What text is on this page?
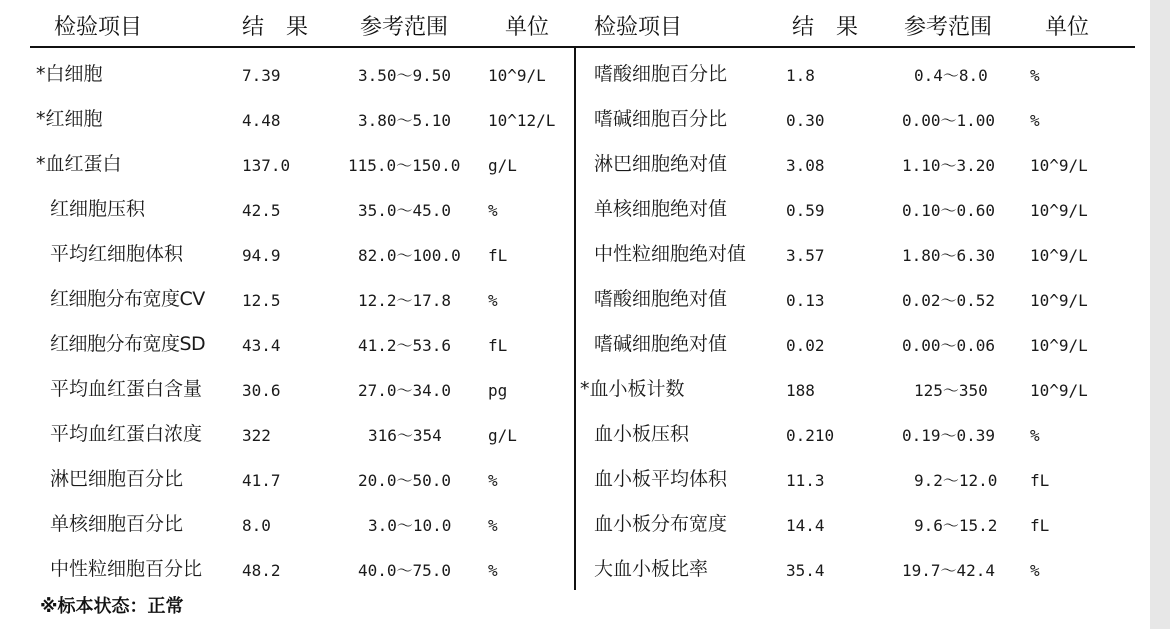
检验项目	结　果 参考范围	单位 检验项目	结　果 参考范围 单位
*白细胞	7.39	3.50～9.50 10^9/L
*红细胞	4.48	3.80～5.10 10^12/L
*血红蛋白	137.0	115.0～150.0 g/L
红细胞压积	42.5	35.0～45.0 %
平均红细胞体积	94.9	82.0～100.0 fL
红细胞分布宽度CV 12.5	12.2～17.8 %
红细胞分布宽度SD 43.4	41.2～53.6 fL
平均血红蛋白含量 30.6	27.0～34.0 pg
平均血红蛋白浓度 322	316～354	g/L
淋巴细胞百分比	41.7	20.0～50.0 %
单核细胞百分比	8.0	3.0～10.0 %
中性粒细胞百分比 48.2	40.0～75.0 %
嗜酸细胞百分比	1.8	0.4～8.0	%
嗜碱细胞百分比	0.30	0.00～1.00 %
淋巴细胞绝对值	3.08	1.10～3.20 10^9/L
单核细胞绝对值	0.59	0.10～0.60 10^9/L
中性粒细胞绝对值 3.57	1.80～6.30 10^9/L
嗜酸细胞绝对值	0.13	0.02～0.52 10^9/L
嗜碱细胞绝对值	0.02	0.00～0.06 10^9/L
*血小板计数	188	125～350	10^9/L
血小板压积	0.210	0.19～0.39 %
血小板平均体积	11.3	9.2～12.0 fL
血小板分布宽度	14.4	9.6～15.2 fL
大血小板比率	35.4	19.7～42.4 %
※标本状态：正常
